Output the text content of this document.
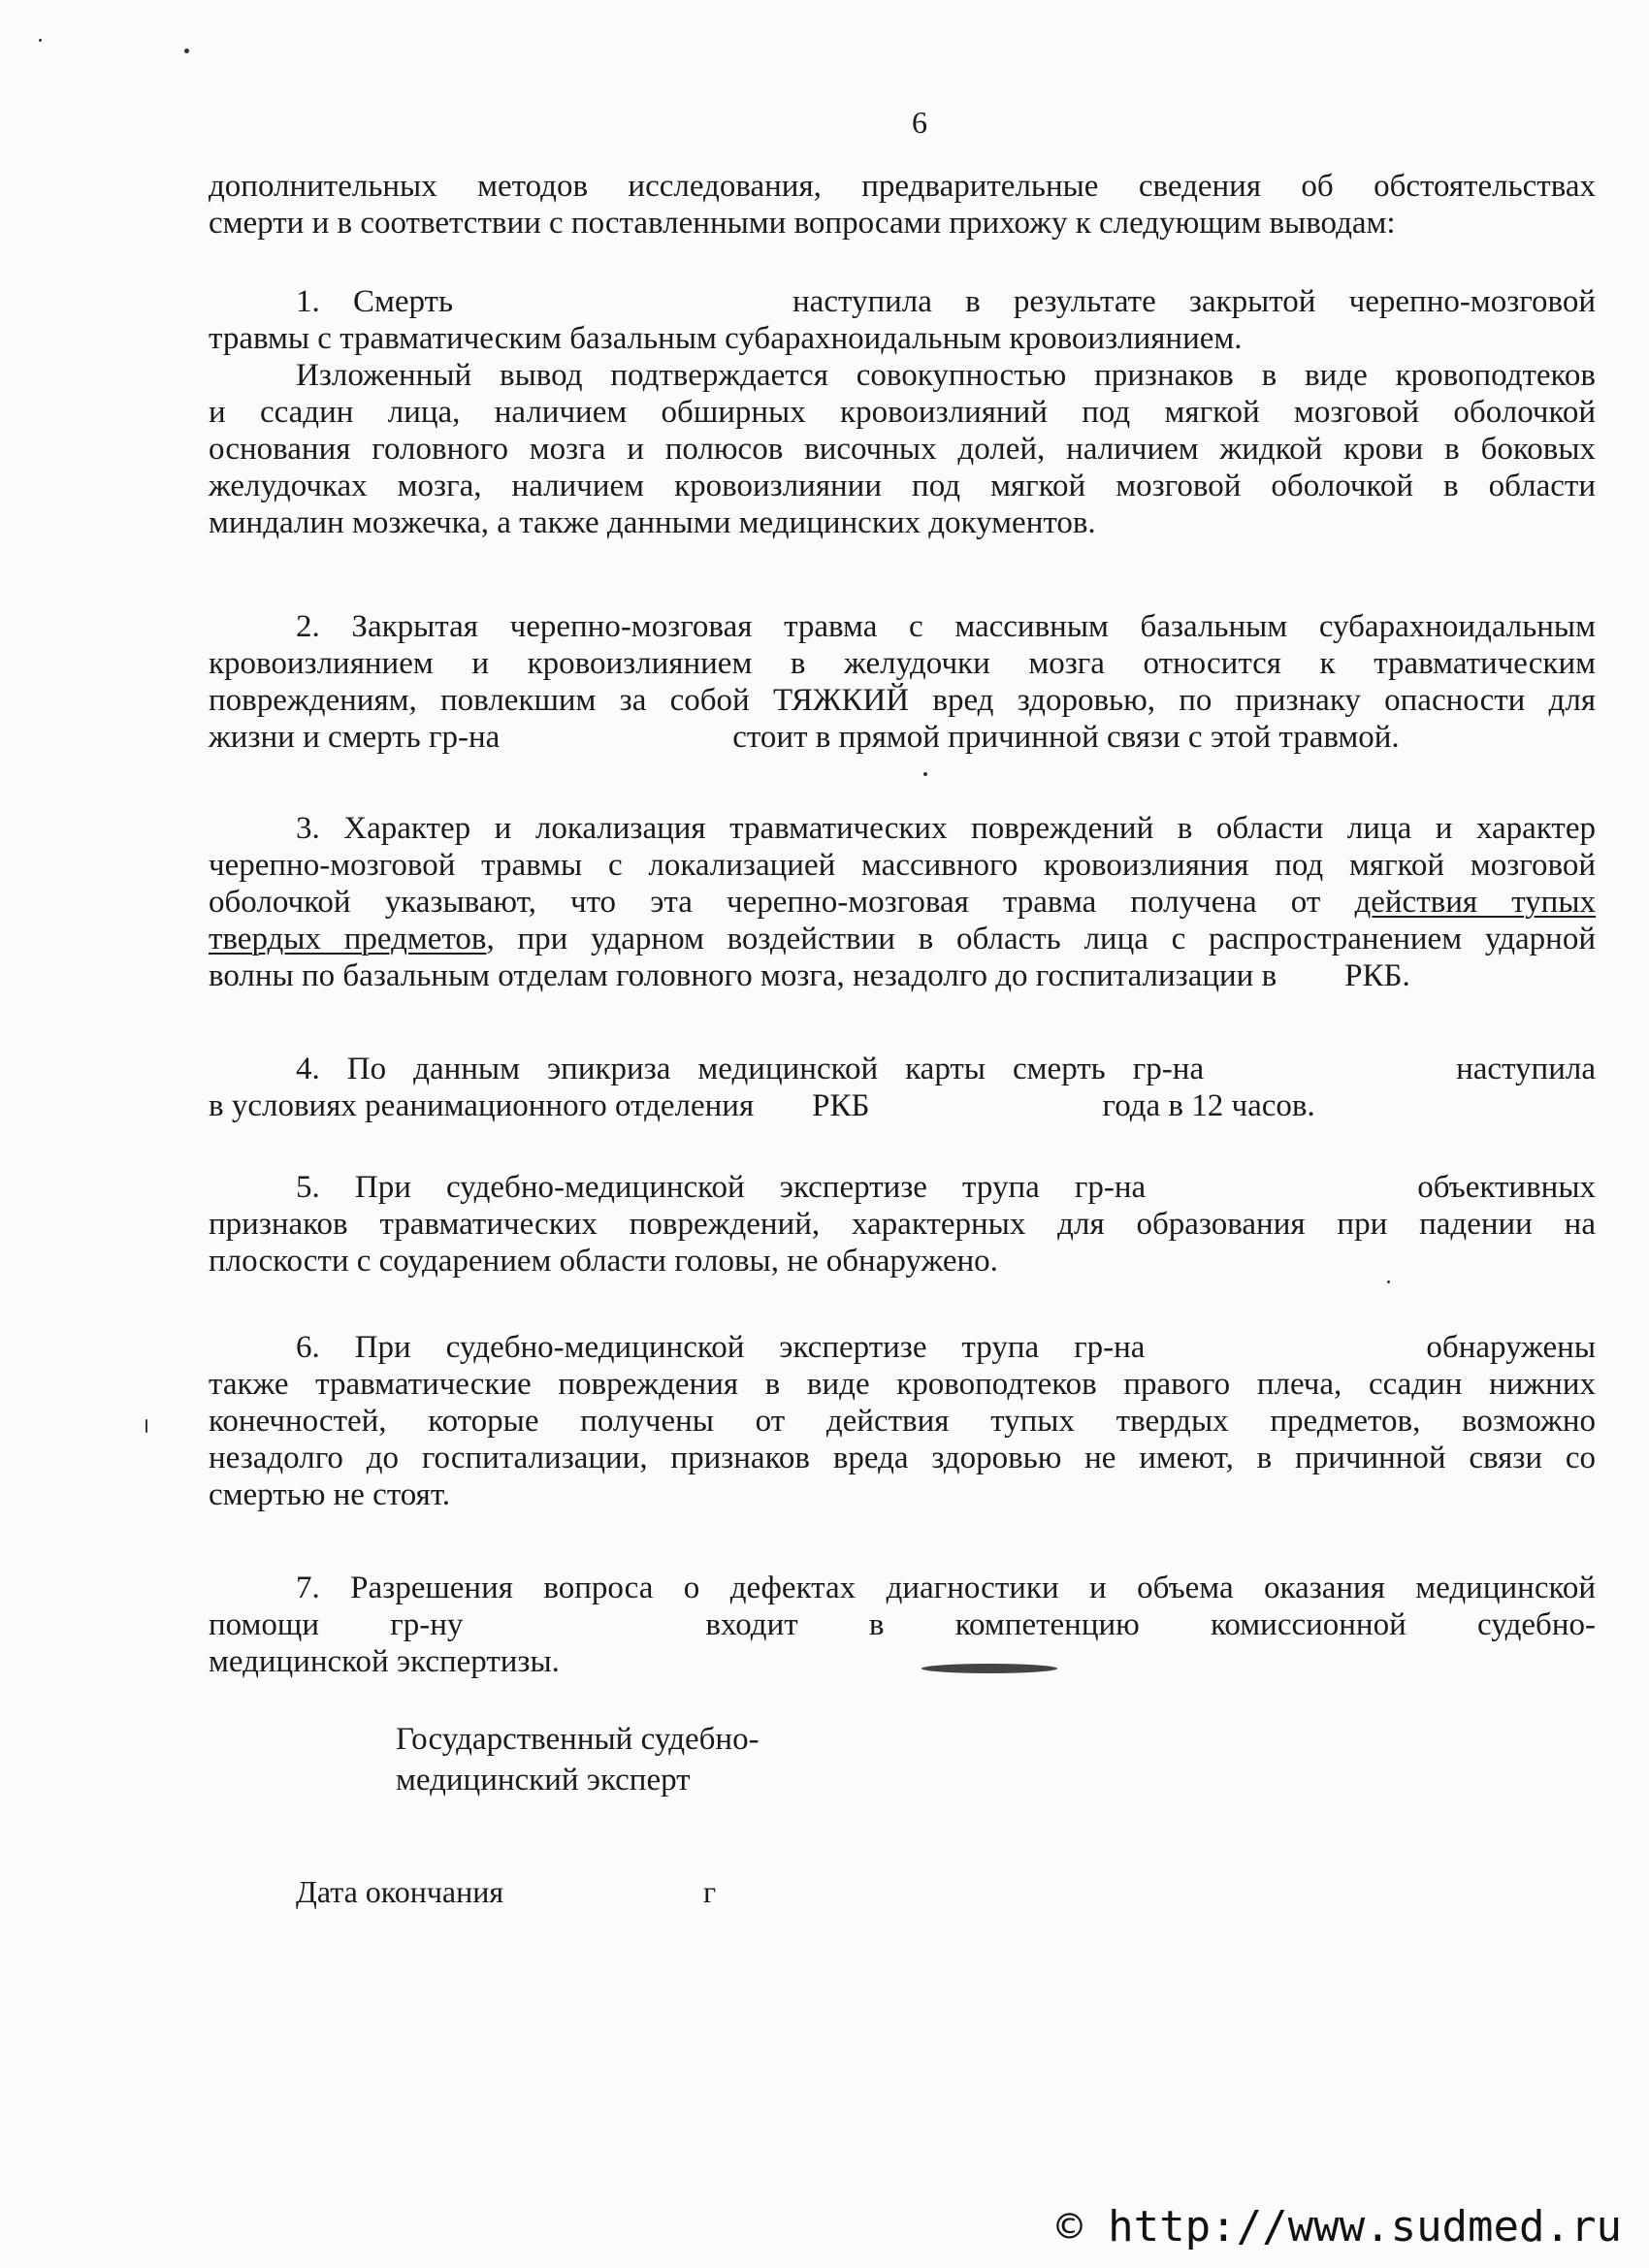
6
дополнительных методов исследования, предварительные сведения об обстоятельствах
смерти и в соответствии с поставленными вопросами прихожу к следующим выводам:
1. Смерть	наступила в результате закрытой черепно-мозговой
травмы с травматическим базальным субарахноидальным кровоизлиянием.
Изложенный вывод подтверждается совокупностью признаков в виде кровоподтеков
и ссадин лица, наличием обширных кровоизлияний под мягкой мозговой оболочкой
основания головного мозга и полюсов височных долей, наличием жидкой крови в боковых
желудочках мозга, наличием кровоизлиянии под мягкой мозговой оболочкой в области
миндалин мозжечка, а также данными медицинских документов.
2. Закрытая черепно-мозговая травма с массивным базальным субарахноидальным
кровоизлиянием и кровоизлиянием в желудочки мозга относится к травматическим
повреждениям, повлекшим за собой ТЯЖКИЙ вред здоровью, по признаку опасности для
жизни и смерть гр-на	стоит в прямой причинной связи с этой травмой.
3. Характер и локализация травматических повреждений в области лица и характер
черепно-мозговой травмы с локализацией массивного кровоизлияния под мягкой мозговой
оболочкой указывают, что эта черепно-мозговая травма получена от действия тупых
твердых предметов, при ударном воздействии в область лица с распространением ударной
волны по базальным отделам головного мозга, незадолго до госпитализации в РКБ.
4. По данным эпикриза медицинской карты смерть гр-на	наступила
в условиях реанимационного отделения РКБ	года в 12 часов.
5. При судебно-медицинской экспертизе трупа гр-на	объективных
признаков травматических повреждений, характерных для образования при падении на
плоскости с соударением области головы, не обнаружено.
6. При судебно-медицинской экспертизе трупа гр-на	обнаружены
также травматические повреждения в виде кровоподтеков правого плеча, ссадин нижних
конечностей, которые получены от действия тупых твердых предметов, возможно
незадолго до госпитализации, признаков вреда здоровью не имеют, в причинной связи со
смертью не стоят.
7. Разрешения вопроса о дефектах диагностики и объема оказания медицинской
помощи гр-ну	входит в компетенцию комиссионной судебно-
медицинской экспертизы.
Государственный судебно-
медицинский эксперт
Дата окончания	г
© http://www.sudmed.ru
